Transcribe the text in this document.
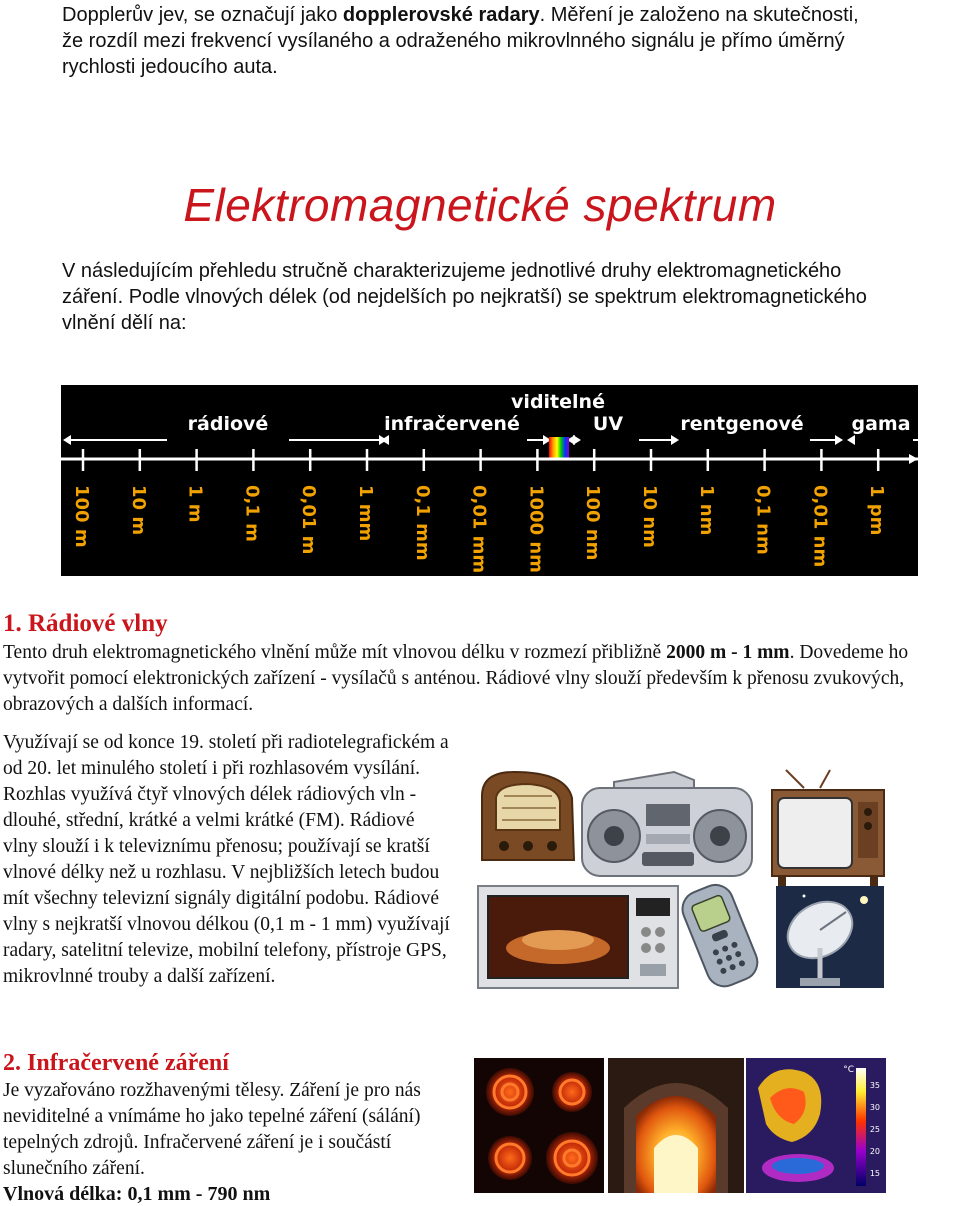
Dopplerův jev, se označují jako dopplerovské radary. Měření je založeno na skutečnosti, že rozdíl mezi frekvencí vysílaného a odraženého mikrovlnného signálu je přímo úměrný rychlosti jedoucího auta.

Elektromagnetické spektrum

V následujícím přehledu stručně charakterizujeme jednotlivé druhy elektromagnetického záření. Podle vlnových délek (od nejdelších po nejkratší) se spektrum elektromagnetického vlnění dělí na:

rádiové	infračervené
viditelné
UV	rentgenové	gama
100 m 10 m 1 m 0,1 m 0,01 m 1 mm 0,1 mm 0,01 mm 1000 nm 100 nm 10 nm 1 nm 0,1 nm 0,01 nm 1 pm
1. Rádiové vlny

Tento druh elektromagnetického vlnění může mít vlnovou délku v rozmezí přibližně 2000 m - 1 mm. Dovedeme ho vytvořit pomocí elektronických zařízení - vysílačů s anténou. Rádiové vlny slouží především k přenosu zvukových, obrazových a dalších informací.

Využívají se od konce 19. století při radiotelegrafickém a od 20. let minulého století i při rozhlasovém vysílání. Rozhlas využívá čtyř vlnových délek rádiových vln - dlouhé, střední, krátké a velmi krátké (FM). Rádiové vlny slouží i k televiznímu přenosu; používají se kratší vlnové délky než u rozhlasu. V nejbližších letech budou mít všechny televizní signály digitální podobu. Rádiové vlny s nejkratší vlnovou délkou (0,1 m - 1 mm) využívají radary, satelitní televize, mobilní telefony, přístroje GPS, mikrovlnné trouby a další zařízení.

2. Infračervené záření

Je vyzařováno rozžhavenými tělesy. Záření je pro nás neviditelné a vnímáme ho jako tepelné záření (sálání) tepelných zdrojů. Infračervené záření je i součástí slunečního záření.

Vlnová délka: 0,1 mm - 790 nm

°C
35
30
25
20
15
